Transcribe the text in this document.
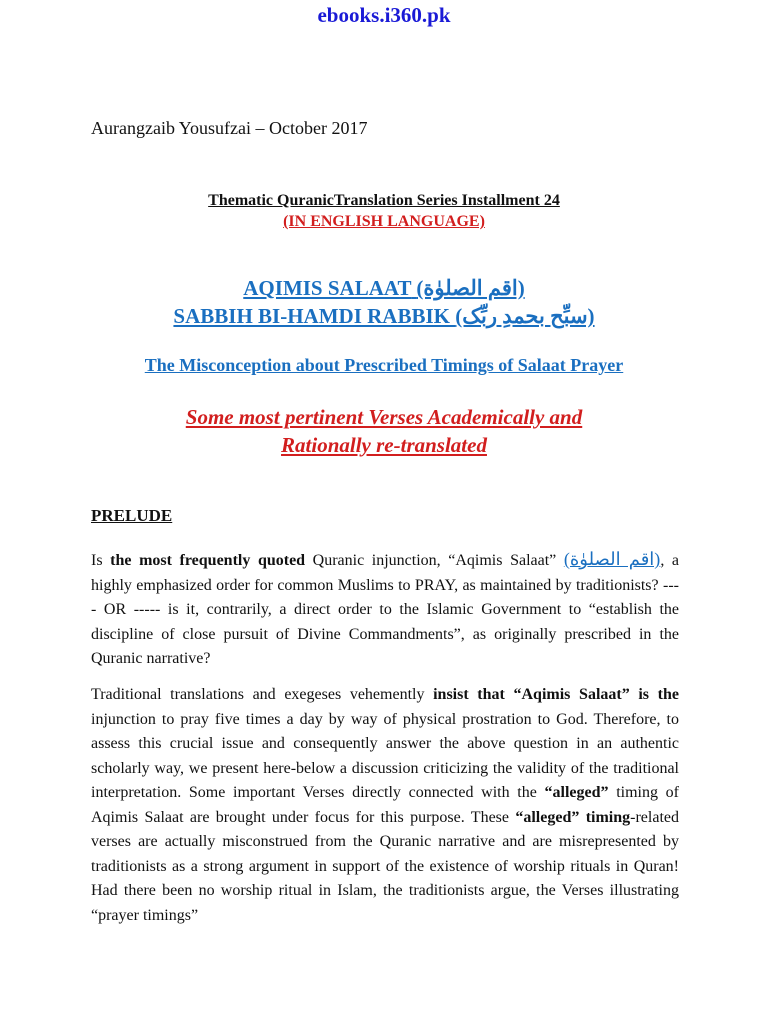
ebooks.i360.pk
Aurangzaib Yousufzai – October 2017
Thematic QuranicTranslation Series Installment 24
(IN ENGLISH LANGUAGE)
AQIMIS SALAAT (اقم الصلوٰة)
SABBIH BI-HAMDI RABBIK (سبِّح بحمدِ ربِّک)
The Misconception about Prescribed Timings of Salaat Prayer
Some most pertinent Verses Academically and
Rationally re-translated
PRELUDE

Is the most frequently quoted Quranic injunction, “Aqimis Salaat” (اقم الصلوٰة), a highly emphasized order for common Muslims to PRAY, as maintained by traditionists? ---- OR ----- is it, contrarily, a direct order to the Islamic Government to “establish the discipline of close pursuit of Divine Commandments”, as originally prescribed in the Quranic narrative?

Traditional translations and exegeses vehemently insist that “Aqimis Salaat” is the injunction to pray five times a day by way of physical prostration to God. Therefore, to assess this crucial issue and consequently answer the above question in an authentic scholarly way, we present here-below a discussion criticizing the validity of the traditional interpretation. Some important Verses directly connected with the “alleged” timing of Aqimis Salaat are brought under focus for this purpose. These “alleged” timing-related verses are actually misconstrued from the Quranic narrative and are misrepresented by traditionists as a strong argument in support of the existence of worship rituals in Quran! Had there been no worship ritual in Islam, the traditionists argue, the Verses illustrating “prayer timings”
